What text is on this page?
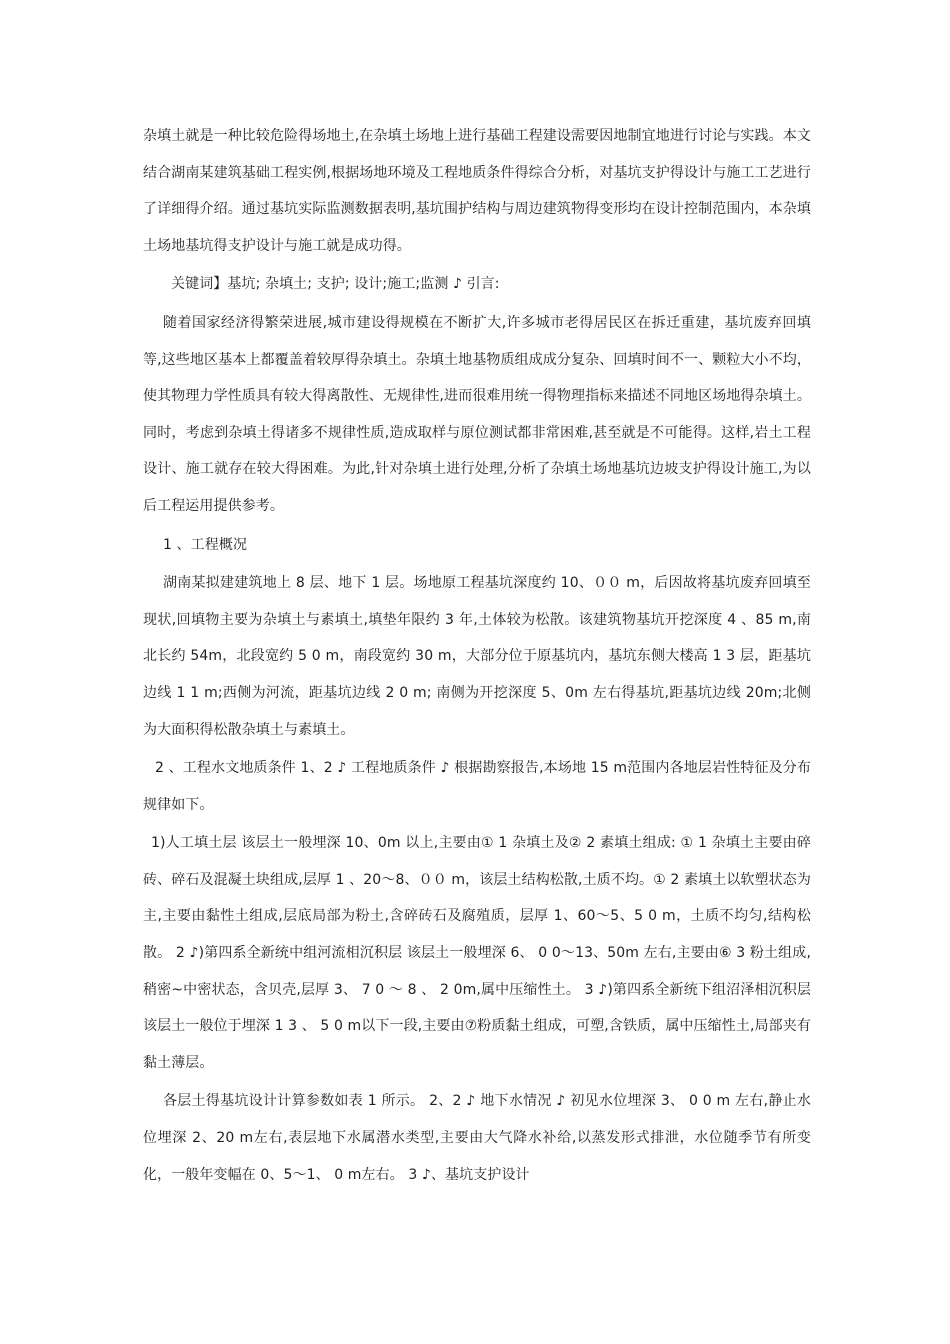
杂填土就是一种比较危险得场地土,在杂填土场地上进行基础工程建设需要因地制宜地进行讨论与实践。本文结合湖南某建筑基础工程实例,根据场地环境及工程地质条件得综合分析，对基坑支护得设计与施工工艺进行了详细得介绍。通过基坑实际监测数据表明,基坑围护结构与周边建筑物得变形均在设计控制范围内，本杂填土场地基坑得支护设计与施工就是成功得。

关键词】基坑; 杂填土; 支护; 设计;施工;监测 ♪ 引言:

随着国家经济得繁荣进展,城市建设得规模在不断扩大,许多城市老得居民区在拆迁重建，基坑废弃回填等,这些地区基本上都覆盖着较厚得杂填土。杂填土地基物质组成成分复杂、回填时间不一、颗粒大小不均，使其物理力学性质具有较大得离散性、无规律性,进而很难用统一得物理指标来描述不同地区场地得杂填土。同时，考虑到杂填土得诸多不规律性质,造成取样与原位测试都非常困难,甚至就是不可能得。这样,岩土工程设计、施工就存在较大得困难。为此,针对杂填土进行处理,分析了杂填土场地基坑边坡支护得设计施工,为以后工程运用提供参考。

1 、工程概况

湖南某拟建建筑地上 8 层、地下 1 层。场地原工程基坑深度约 10、００ m，后因故将基坑废弃回填至现状,回填物主要为杂填土与素填土,填垫年限约 3 年,土体较为松散。该建筑物基坑开挖深度 4 、85 m,南北长约 54m，北段宽约 5 0 m，南段宽约 30 m，大部分位于原基坑内，基坑东侧大楼高 1 3 层，距基坑边线 1 1 m;西侧为河流，距基坑边线 2 0 m; 南侧为开挖深度 5、0m 左右得基坑,距基坑边线 20m;北侧为大面积得松散杂填土与素填土。

2 、工程水文地质条件 1、2 ♪ 工程地质条件 ♪ 根据勘察报告,本场地 15 m范围内各地层岩性特征及分布规律如下。

1)人工填土层 该层土一般埋深 10、0m 以上,主要由① 1 杂填土及② 2 素填土组成: ① 1 杂填土主要由碎砖、碎石及混凝土块组成,层厚 1 、20～8、００ m，该层土结构松散,土质不均。① 2 素填土以软塑状态为主,主要由黏性土组成,层底局部为粉土,含碎砖石及腐殖质，层厚 1、60～5、5 0 m，土质不均匀,结构松散。 2 ♪)第四系全新统中组河流相沉积层 该层土一般埋深 6、 0 0～13、50m 左右,主要由⑥ 3 粉土组成,稍密~中密状态，含贝壳,层厚 3、 7 0 ～ 8 、 2 0m,属中压缩性土。 3 ♪)第四系全新统下组沼泽相沉积层该层土一般位于埋深 1 3 、 5 0 m以下一段,主要由⑦粉质黏土组成，可塑,含铁质，属中压缩性土,局部夹有黏土薄层。

各层土得基坑设计计算参数如表 1 所示。 2、2 ♪ 地下水情况 ♪ 初见水位埋深 3、 0 0 m 左右,静止水位埋深 2、20 m左右,表层地下水属潜水类型,主要由大气降水补给,以蒸发形式排泄，水位随季节有所变化，一般年变幅在 0、5～1、 0 m左右。 3 ♪、基坑支护设计
